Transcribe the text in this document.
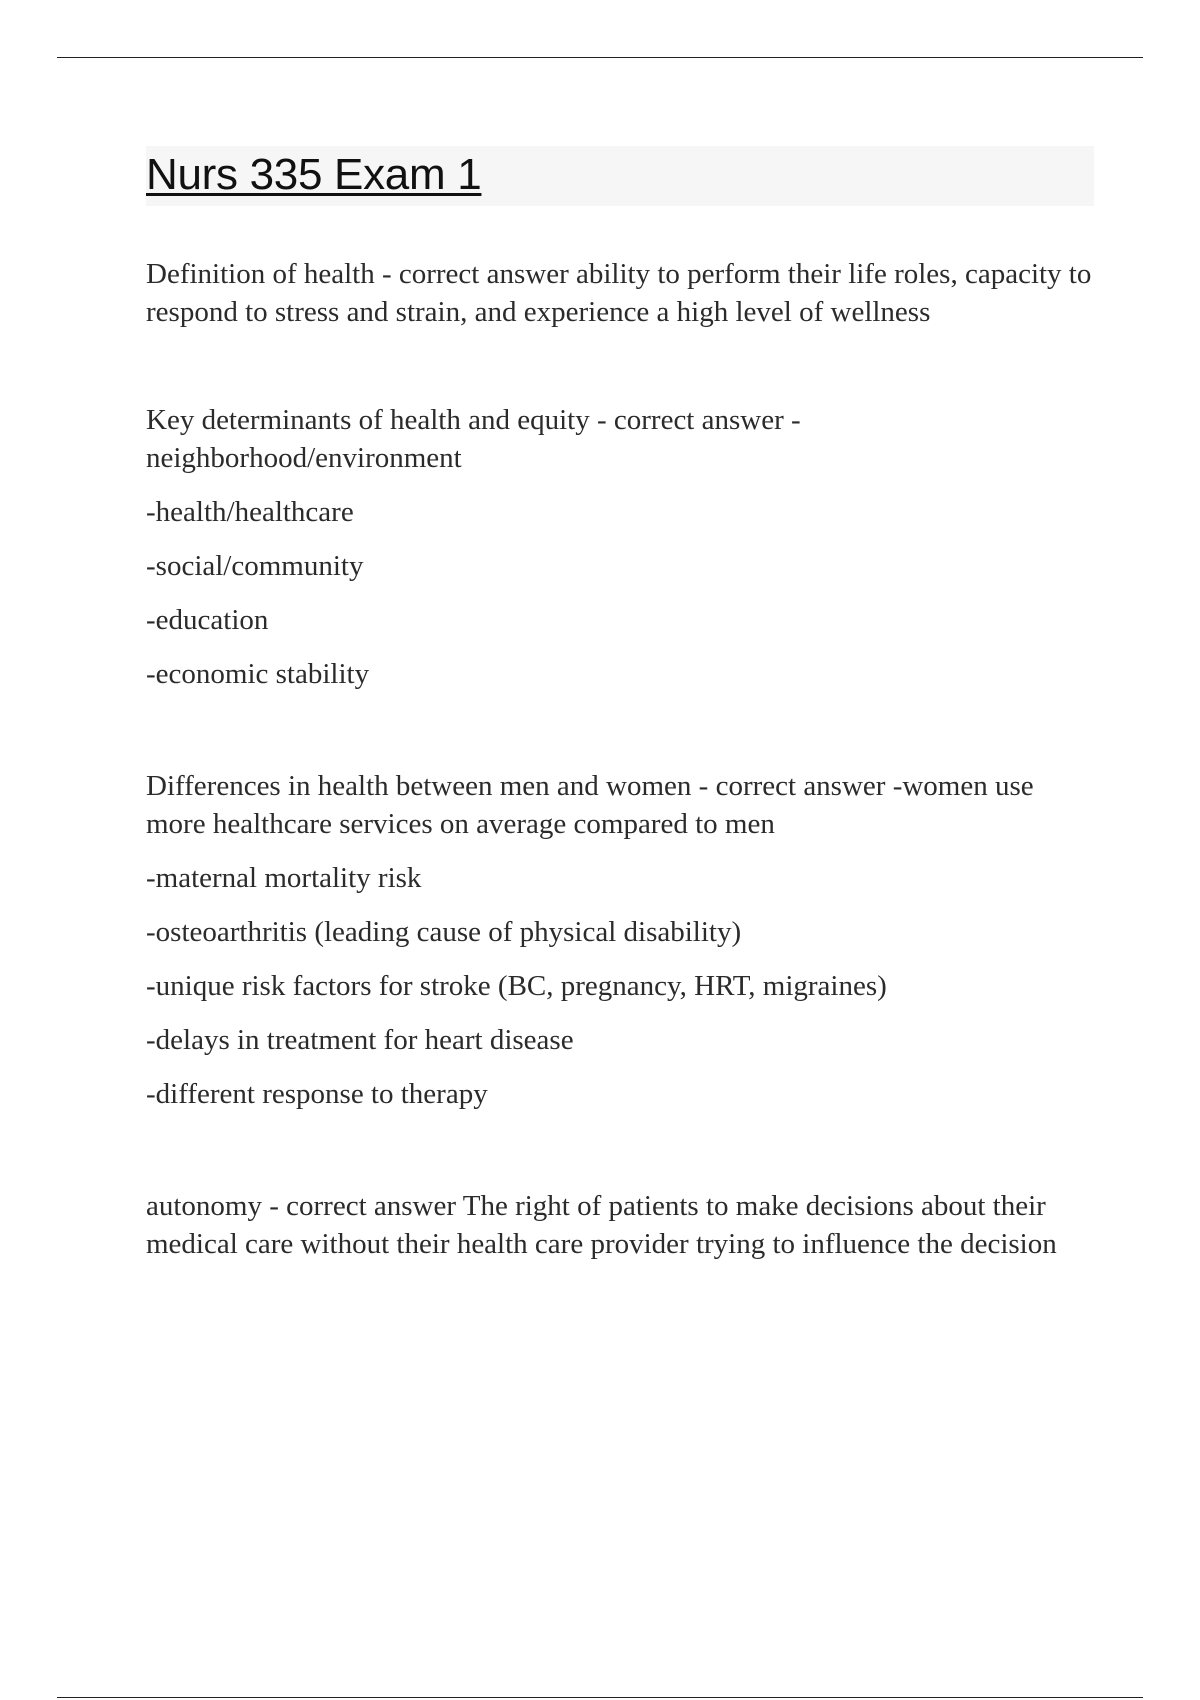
Nurs 335 Exam 1

Definition of health - correct answer ability to perform their life roles, capacity to respond to stress and strain, and experience a high level of wellness

Key determinants of health and equity - correct answer -neighborhood/environment

-health/healthcare

-social/community

-education

-economic stability

Differences in health between men and women - correct answer -women use more healthcare services on average compared to men

-maternal mortality risk

-osteoarthritis (leading cause of physical disability)

-unique risk factors for stroke (BC, pregnancy, HRT, migraines)

-delays in treatment for heart disease

-different response to therapy

autonomy - correct answer The right of patients to make decisions about their medical care without their health care provider trying to influence the decision
